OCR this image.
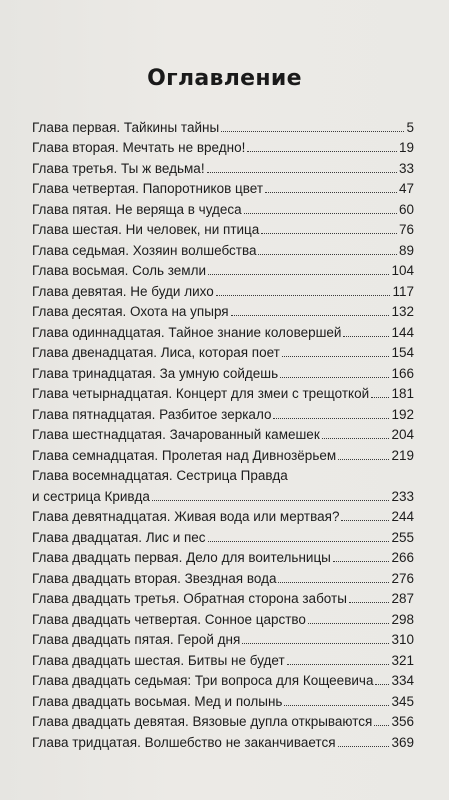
Оглавление
Глава первая. Тайкины тайны	5
Глава вторая. Мечтать не вредно!	19
Глава третья. Ты ж ведьма!	33
Глава четвертая. Папоротников цвет	47
Глава пятая. Не веряща в чудеса	60
Глава шестая. Ни человек, ни птица	76
Глава седьмая. Хозяин волшебства	89
Глава восьмая. Соль земли	104
Глава девятая. Не буди лихо	117
Глава десятая. Охота на упыря	132
Глава одиннадцатая. Тайное знание коловершей	144
Глава двенадцатая. Лиса, которая поет	154
Глава тринадцатая. За умную сойдешь	166
Глава четырнадцатая. Концерт для змеи с трещоткой 181
Глава пятнадцатая. Разбитое зеркало	192
Глава шестнадцатая. Зачарованный камешек	204
Глава семнадцатая. Пролетая над Дивнозёрьем	219
Глава восемнадцатая. Сестрица Правда
и сестрица Кривда	233
Глава девятнадцатая. Живая вода или мертвая?	244
Глава двадцатая. Лис и пес	255
Глава двадцать первая. Дело для воительницы	266
Глава двадцать вторая. Звездная вода	276
Глава двадцать третья. Обратная сторона заботы	287
Глава двадцать четвертая. Сонное царство	298
Глава двадцать пятая. Герой дня	310
Глава двадцать шестая. Битвы не будет	321
Глава двадцать седьмая: Три вопроса для Кощеевича 334
Глава двадцать восьмая. Мед и полынь	345
Глава двадцать девятая. Вязовые дупла открываются 356
Глава тридцатая. Волшебство не заканчивается	369
